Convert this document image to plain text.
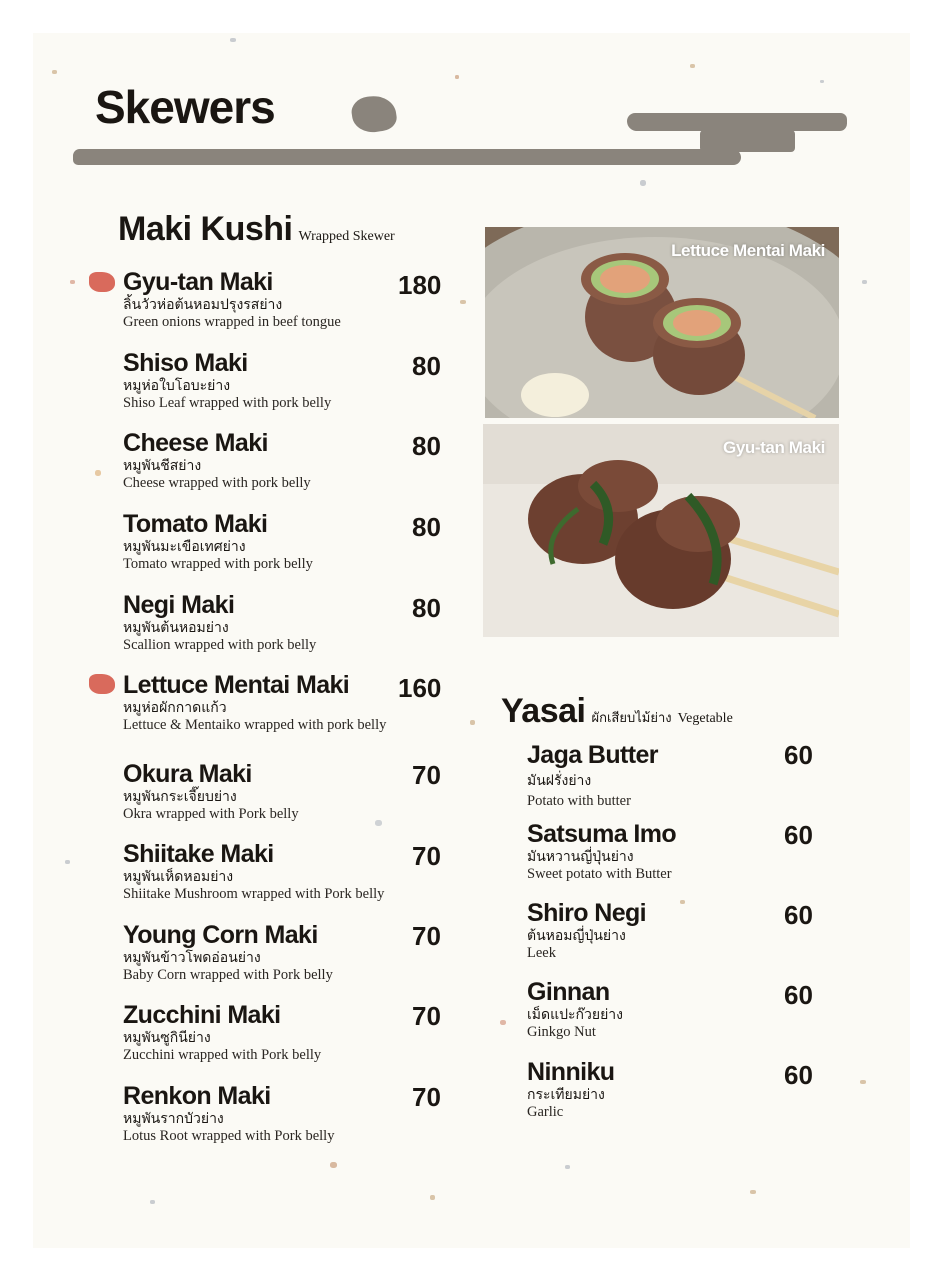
Skewers
Maki Kushi Wrapped Skewer
Gyu-tan Maki
ลิ้นวัวห่อต้นหอมปรุงรสย่าง
Green onions wrapped in beef tongue
180
Shiso Maki
หมูห่อใบโอบะย่าง
Shiso Leaf wrapped with pork belly
80
Cheese Maki
หมูพันชีสย่าง
Cheese wrapped with pork belly
80
Tomato Maki
หมูพันมะเขือเทศย่าง
Tomato wrapped with pork belly
80
Negi Maki
หมูพันต้นหอมย่าง
Scallion wrapped with pork belly
80
Lettuce Mentai Maki
หมูห่อผักกาดแก้ว
Lettuce & Mentaiko wrapped with pork belly
160
Okura Maki
หมูพันกระเจี๊ยบย่าง
Okra wrapped with Pork belly
70
Shiitake Maki
หมูพันเห็ดหอมย่าง
Shiitake Mushroom wrapped with Pork belly
70
Young Corn Maki
หมูพันข้าวโพดอ่อนย่าง
Baby Corn wrapped with Pork belly
70
Zucchini Maki
หมูพันซูกินีย่าง
Zucchini wrapped with Pork belly
70
Renkon Maki
หมูพันรากบัวย่าง
Lotus Root wrapped with Pork belly
70
Lettuce Mentai Maki
Gyu-tan Maki
Yasai ผักเสียบไม้ย่าง Vegetable
Jaga Butter
มันฝรั่งย่าง
Potato with butter
60
Satsuma Imo
มันหวานญี่ปุ่นย่าง
Sweet potato with Butter
60
Shiro Negi
ต้นหอมญี่ปุ่นย่าง
Leek
60
Ginnan
เม็ดแปะก๊วยย่าง
Ginkgo Nut
60
Ninniku
กระเทียมย่าง
Garlic
60
